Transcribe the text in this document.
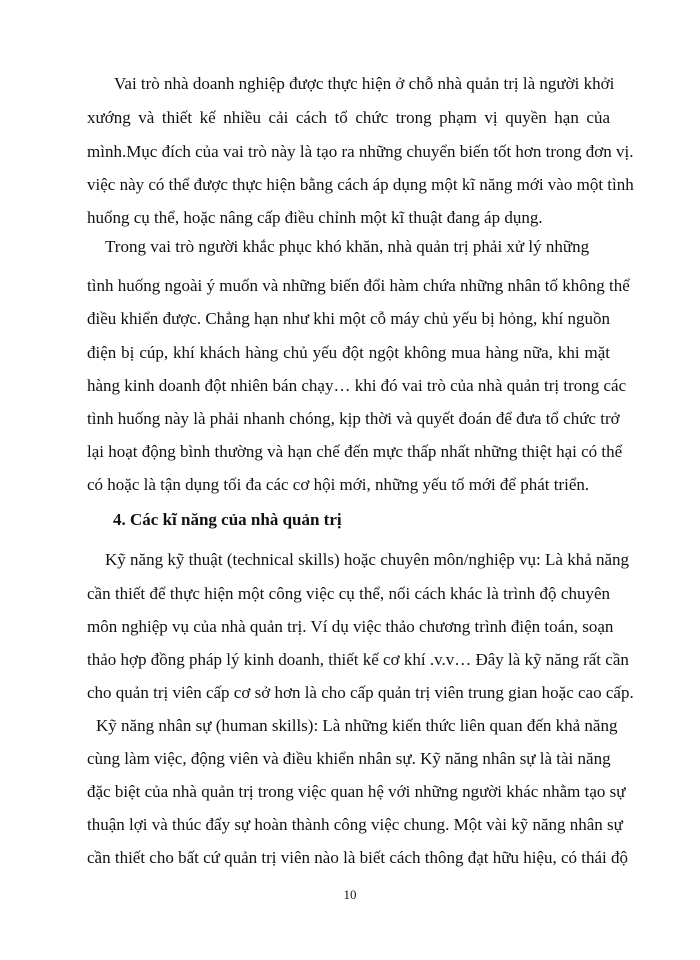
Vai trò nhà doanh nghiệp được thực hiện ở chỗ nhà quản trị là người khởi

xướng và thiết kế nhiều cải cách tổ chức trong phạm vị quyền hạn của

mình.Mục đích của vai trò này là tạo ra những chuyển biến tốt hơn trong đơn vị.

việc này có thể được thực hiện bằng cách áp dụng một kĩ năng mới vào một tình

huống cụ thể, hoặc nâng cấp điều chỉnh một kĩ thuật đang áp dụng.

Trong vai trò người khắc phục khó khăn, nhà quản trị phải xử lý những

tình huống ngoài ý muốn và những biến đổi hàm chứa những nhân tố không thể

điều khiển được. Chẳng hạn như khi một cỗ máy chủ yếu bị hỏng, khí nguồn

điện bị cúp, khí khách hàng chủ yếu đột ngột không mua hàng nữa, khi mặt

hàng kinh doanh đột nhiên bán chạy… khi đó vai trò của nhà quản trị trong các

tình huống này là phải nhanh chóng, kịp thời và quyết đoán để đưa tổ chức trở

lại hoạt động bình thường và hạn chế đến mực thấp nhất những thiệt hại có thể

có hoặc là tận dụng tối đa các cơ hội mới, những yếu tố mới để phát triển.

4. Các kĩ năng của nhà quản trị

Kỹ năng kỹ thuật (technical skills) hoặc chuyên môn/nghiệp vụ: Là khả năng

cần thiết để thực hiện một công việc cụ thể, nối cách khác là trình độ chuyên

môn nghiệp vụ của nhà quản trị. Ví dụ việc thảo chương trình điện toán, soạn

thảo hợp đồng pháp lý kinh doanh, thiết kế cơ khí .v.v… Đây là kỹ năng rất cần

cho quản trị viên cấp cơ sở hơn là cho cấp quản trị viên trung gian hoặc cao cấp.

Kỹ năng nhân sự (human skills): Là những kiến thức liên quan đến khả năng

cùng làm việc, động viên và điều khiển nhân sự. Kỹ năng nhân sự là tài năng

đặc biệt của nhà quản trị trong việc quan hệ với những người khác nhằm tạo sự

thuận lợi và thúc đẩy sự hoàn thành công việc chung. Một vài kỹ năng nhân sự

cần thiết cho bất cứ quản trị viên nào là biết cách thông đạt hữu hiệu, có thái độ

10
